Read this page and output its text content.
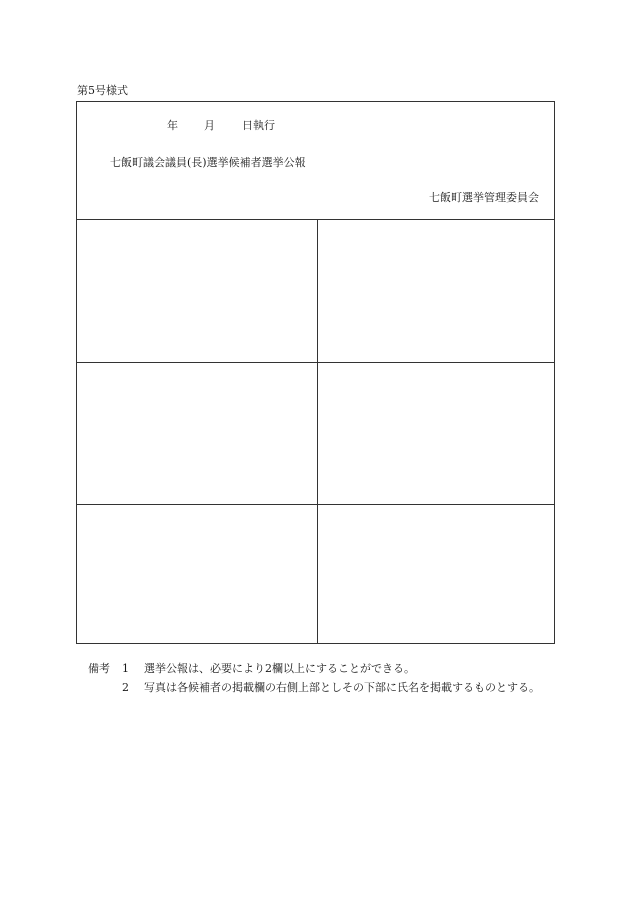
第5号様式
年 月 日執行
七飯町議会議員(長)選挙候補者選挙公報
七飯町選挙管理委員会
備考 1 選挙公報は、必要により2欄以上にすることができる。
2 写真は各候補者の掲載欄の右側上部としその下部に氏名を掲載するものとする。
